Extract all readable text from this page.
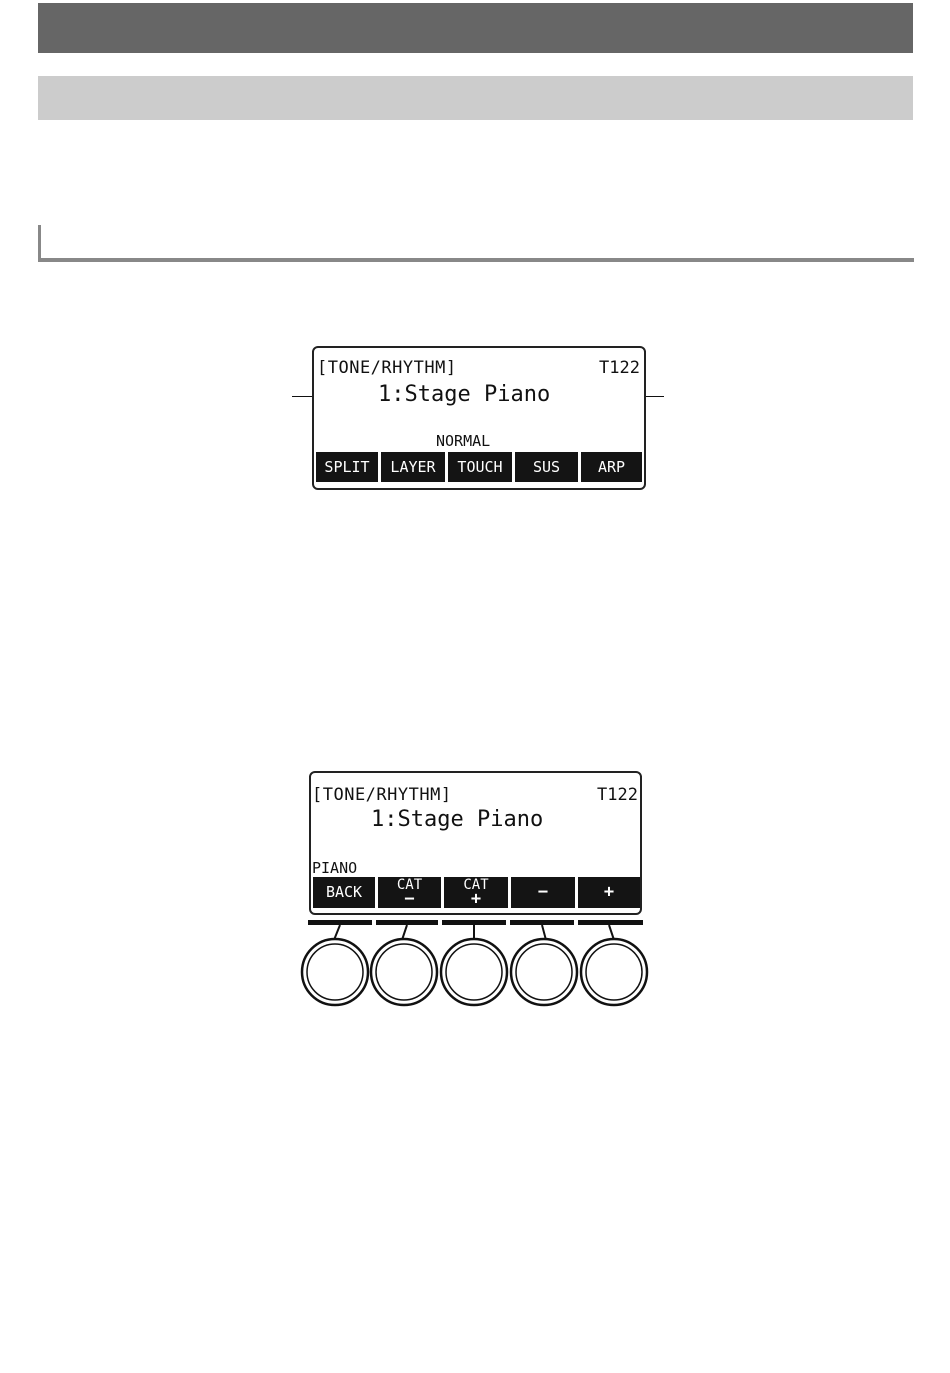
[TONE/RHYTHM]	T122
1:Stage Piano
NORMAL
SPLIT	LAYER	TOUCH	SUS	ARP
[TONE/RHYTHM]	T122
1:Stage Piano
PIANO
BACK CAT
−
CAT
+	−	+
